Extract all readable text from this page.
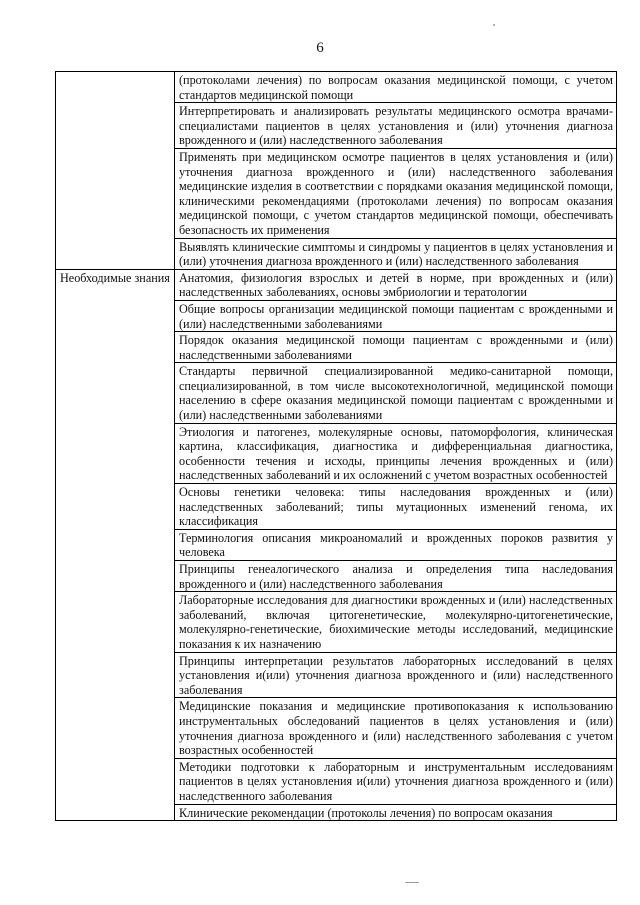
6
	(протоколами лечения) по вопросам оказания медицинской помощи, с учетом стандартов медицинской помощи
	Интерпретировать и анализировать результаты медицинского осмотра врачами-специалистами пациентов в целях установления и (или) уточнения диагноза врожденного и (или) наследственного заболевания
	Применять при медицинском осмотре пациентов в целях установления и (или) уточнения диагноза врожденного и (или) наследственного заболевания медицинские изделия в соответствии с порядками оказания медицинской помощи, клиническими рекомендациями (протоколами лечения) по вопросам оказания медицинской помощи, с учетом стандартов медицинской помощи, обеспечивать безопасность их применения
	Выявлять клинические симптомы и синдромы у пациентов в целях установления и (или) уточнения диагноза врожденного и (или) наследственного заболевания
Необходимые знания	Анатомия, физиология взрослых и детей в норме, при врожденных и (или) наследственных заболеваниях, основы эмбриологии и тератологии
	Общие вопросы организации медицинской помощи пациентам с врожденными и (или) наследственными заболеваниями
	Порядок оказания медицинской помощи пациентам с врожденными и (или) наследственными заболеваниями
	Стандарты первичной специализированной медико-санитарной помощи, специализированной, в том числе высокотехнологичной, медицинской помощи населению в сфере оказания медицинской помощи пациентам с врожденными и (или) наследственными заболеваниями
	Этиология и патогенез, молекулярные основы, патоморфология, клиническая картина, классификация, диагностика и дифференциальная диагностика, особенности течения и исходы, принципы лечения врожденных и (или) наследственных заболеваний и их осложнений с учетом возрастных особенностей
	Основы генетики человека: типы наследования врожденных и (или) наследственных заболеваний; типы мутационных изменений генома, их классификация
	Терминология описания микроаномалий и врожденных пороков развития у человека
	Принципы генеалогического анализа и определения типа наследования врожденного и (или) наследственного заболевания
	Лабораторные исследования для диагностики врожденных и (или) наследственных заболеваний, включая цитогенетические, молекулярно-цитогенетические, молекулярно-генетические, биохимические методы исследований, медицинские показания к их назначению
	Принципы интерпретации результатов лабораторных исследований в целях установления и(или) уточнения диагноза врожденного и (или) наследственного заболевания
	Медицинские показания и медицинские противопоказания к использованию инструментальных обследований пациентов в целях установления и (или) уточнения диагноза врожденного и (или) наследственного заболевания с учетом возрастных особенностей
	Методики подготовки к лабораторным и инструментальным исследованиям пациентов в целях установления и(или) уточнения диагноза врожденного и (или) наследственного заболевания
	Клинические рекомендации (протоколы лечения) по вопросам оказания
